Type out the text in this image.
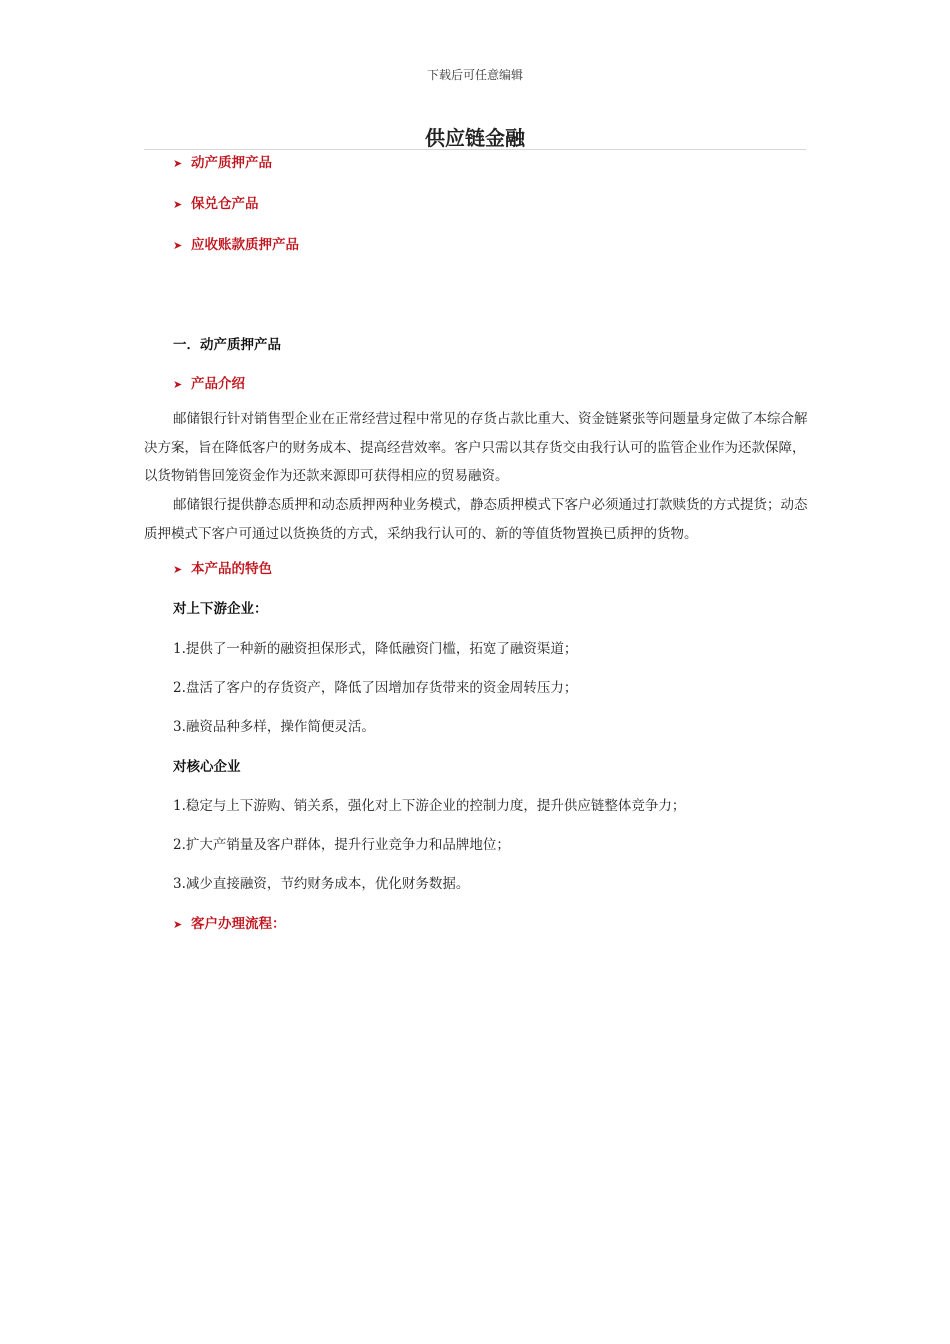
下载后可任意编辑
供应链金融
➤ 动产质押产品
➤ 保兑仓产品
➤ 应收账款质押产品
一．动产质押产品
➤ 产品介绍

邮储银行针对销售型企业在正常经营过程中常见的存货占款比重大、资金链紧张等问题量身定做了本综合解决方案，旨在降低客户的财务成本、提高经营效率。客户只需以其存货交由我行认可的监管企业作为还款保障，以货物销售回笼资金作为还款来源即可获得相应的贸易融资。

邮储银行提供静态质押和动态质押两种业务模式，静态质押模式下客户必须通过打款赎货的方式提货；动态质押模式下客户可通过以货换货的方式，采纳我行认可的、新的等值货物置换已质押的货物。

➤ 本产品的特色
对上下游企业：
1.提供了一种新的融资担保形式，降低融资门槛，拓宽了融资渠道；
2.盘活了客户的存货资产，降低了因增加存货带来的资金周转压力；
3.融资品种多样，操作简便灵活。
对核心企业
1.稳定与上下游购、销关系，强化对上下游企业的控制力度，提升供应链整体竞争力；
2.扩大产销量及客户群体，提升行业竞争力和品牌地位；
3.减少直接融资，节约财务成本，优化财务数据。
➤ 客户办理流程：
